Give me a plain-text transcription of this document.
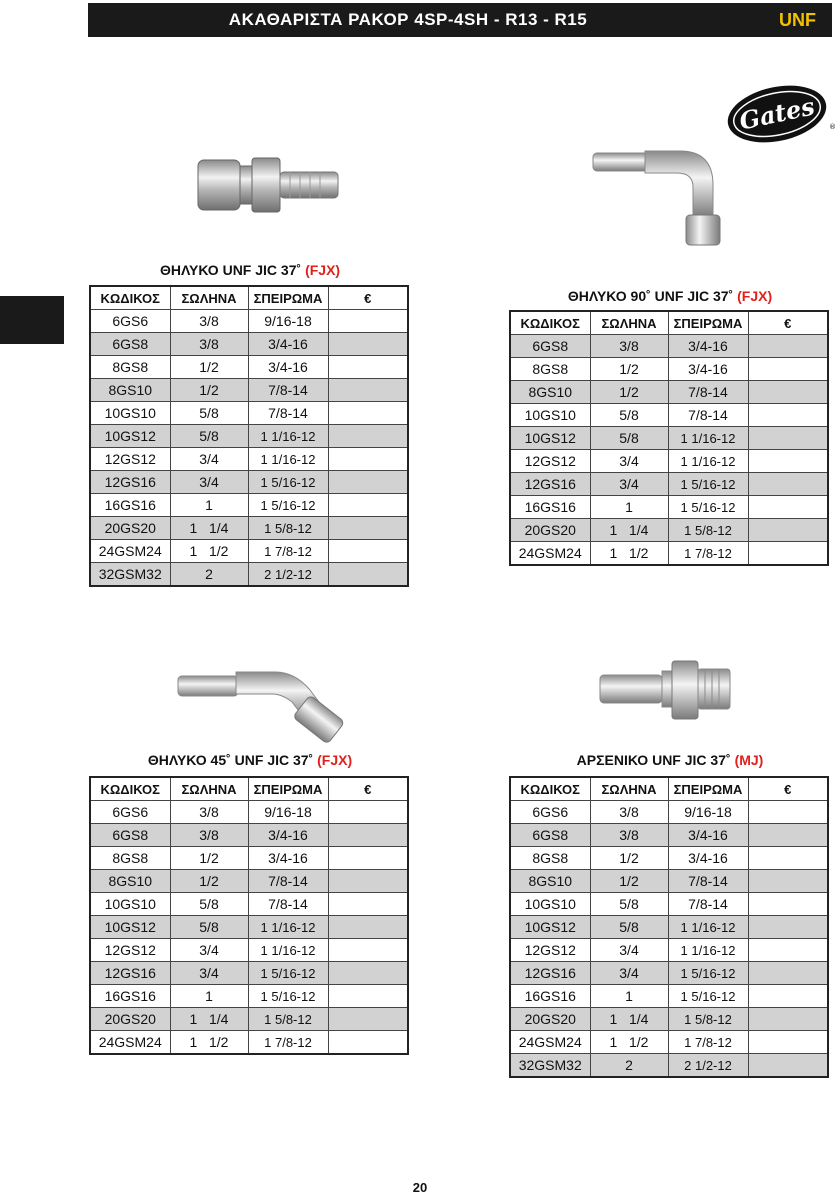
ΑΚΑΘΑΡΙΣΤΑ ΡΑΚΟΡ 4SP-4SH - R13 - R15	UNF
Gates ®
ΘΗΛΥΚΟ UNF JIC 37˚ (FJX)
ΘΗΛΥΚΟ 90˚ UNF JIC 37˚ (FJX)
ΘΗΛΥΚΟ 45˚ UNF JIC 37˚ (FJX)	ΑΡΣΕΝΙΚΟ UNF JIC 37˚ (MJ)
ΚΩΔΙΚΟΣ	ΣΩΛΗΝΑ	ΣΠΕΙΡΩΜΑ	€
6GS6	3/8	9/16-18	
6GS8	3/8	3/4-16	
8GS8	1/2	3/4-16	
8GS10	1/2	7/8-14	
10GS10	5/8	7/8-14	
10GS12	5/8	1 1/16-12	
12GS12	3/4	1 1/16-12	
12GS16	3/4	1 5/16-12	
16GS16	1	1 5/16-12	
20GS20	1   1/4	1 5/8-12	
24GSM24	1   1/2	1 7/8-12	
32GSM32	2	2 1/2-12	
ΚΩΔΙΚΟΣ	ΣΩΛΗΝΑ	ΣΠΕΙΡΩΜΑ	€
6GS8	3/8	3/4-16	
8GS8	1/2	3/4-16	
8GS10	1/2	7/8-14	
10GS10	5/8	7/8-14	
10GS12	5/8	1 1/16-12	
12GS12	3/4	1 1/16-12	
12GS16	3/4	1 5/16-12	
16GS16	1	1 5/16-12	
20GS20	1   1/4	1 5/8-12	
24GSM24	1   1/2	1 7/8-12	
ΚΩΔΙΚΟΣ	ΣΩΛΗΝΑ	ΣΠΕΙΡΩΜΑ	€
6GS6	3/8	9/16-18	
6GS8	3/8	3/4-16	
8GS8	1/2	3/4-16	
8GS10	1/2	7/8-14	
10GS10	5/8	7/8-14	
10GS12	5/8	1 1/16-12	
12GS12	3/4	1 1/16-12	
12GS16	3/4	1 5/16-12	
16GS16	1	1 5/16-12	
20GS20	1   1/4	1 5/8-12	
24GSM24	1   1/2	1 7/8-12	
ΚΩΔΙΚΟΣ	ΣΩΛΗΝΑ	ΣΠΕΙΡΩΜΑ	€
6GS6	3/8	9/16-18	
6GS8	3/8	3/4-16	
8GS8	1/2	3/4-16	
8GS10	1/2	7/8-14	
10GS10	5/8	7/8-14	
10GS12	5/8	1 1/16-12	
12GS12	3/4	1 1/16-12	
12GS16	3/4	1 5/16-12	
16GS16	1	1 5/16-12	
20GS20	1   1/4	1 5/8-12	
24GSM24	1   1/2	1 7/8-12	
32GSM32	2	2 1/2-12	
20
